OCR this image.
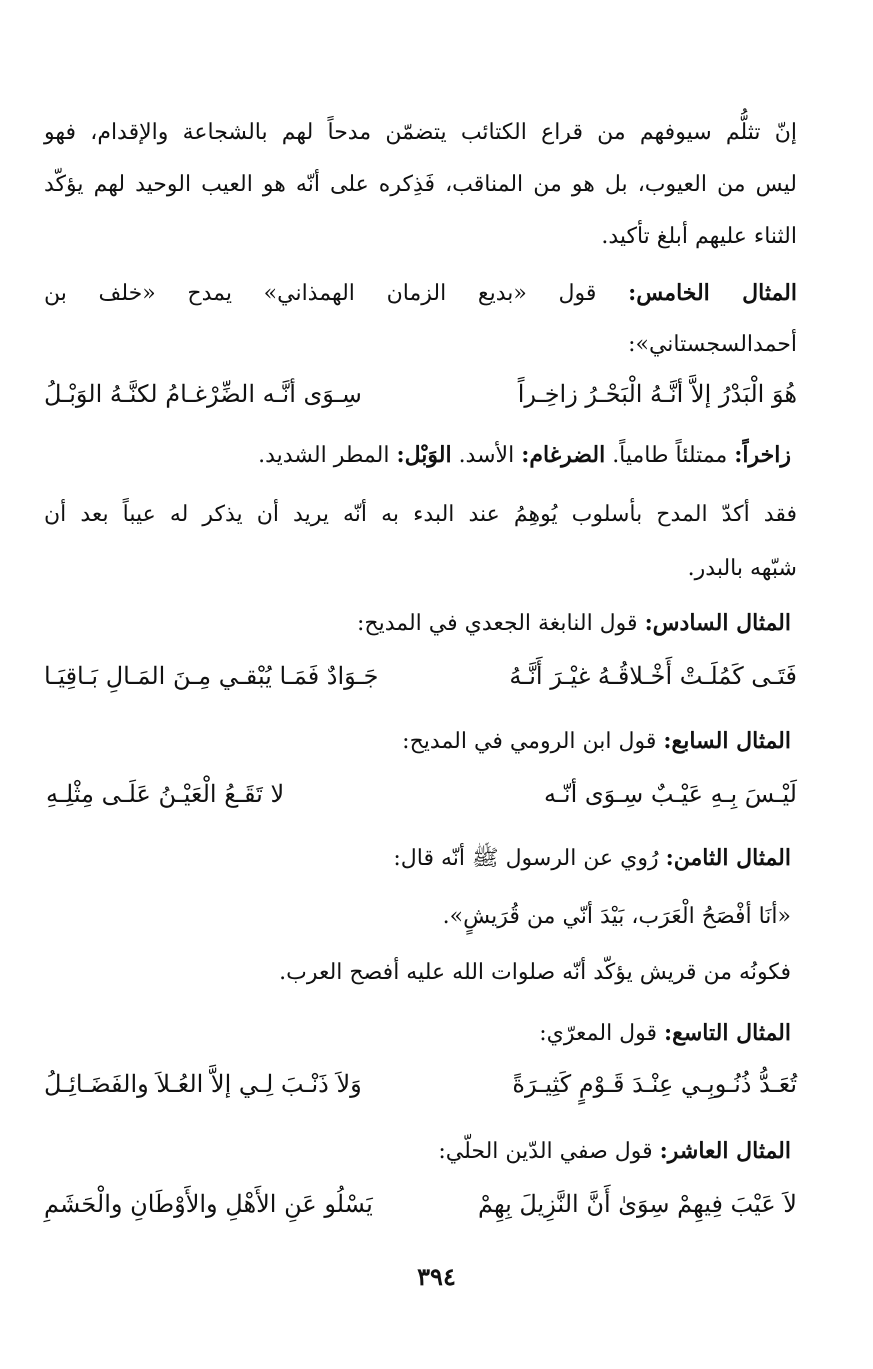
إنّ تثلُّم سيوفهم من قراع الكتائب يتضمّن مدحاً لهم بالشجاعة والإقدام، فهو
ليس من العيوب، بل هو من المناقب، فَذِكره على أنّه هو العيب الوحيد لهم يؤكّد
الثناء عليهم أبلغ تأكيد.
المثال الخامس: قول «بديع الزمان الهمذاني» يمدح «خلف بن
أحمدالسجستاني»:
هُوَ الْبَدْرُ إلاَّ أنَّـهُ الْبَحْـرُ زاخِـراً
سِـوَى أنَّـه الضِّرْغـامُ لكنَّـهُ الوَبْـلُ
زاخراً: ممتلئاً طامياً. الضرغام: الأسد. الوَبْل: المطر الشديد.
فقد أكدّ المدح بأسلوب يُوهِمُ عند البدء به أنّه يريد أن يذكر له عيباً بعد أن
شبّهه بالبدر.
المثال السادس: قول النابغة الجعدي في المديح:
فَتَـى كَمُلَـتْ أَخْـلاقُـهُ غيْـرَ أَنَّـهُ
جَـوَادٌ فَمَـا يُبْقـي مِـنَ المَـالِ بَـاقِيَـا
المثال السابع: قول ابن الرومي في المديح:
لَيْـسَ بِـهِ عَيْـبٌ سِـوَى أنّـه
لا تَقَـعُ الْعَيْـنُ عَلَـى مِثْلِـهِ
المثال الثامن: رُوي عن الرسول ﷺ أنّه قال:
«أنَا أفْصَحُ الْعَرَب، بَيْدَ أنّي من قُرَيشٍ».
فكونُه من قريش يؤكّد أنّه صلوات الله عليه أفصح العرب.
المثال التاسع: قول المعرّي:
تُعَـدُّ ذُنُـوبِـي عِنْـدَ قَـوْمٍ كَثِيـرَةً
وَلاَ ذَنْـبَ لِـي إلاَّ العُـلاَ والفَضَـائِـلُ
المثال العاشر: قول صفي الدّين الحلّي:
لاَ عَيْبَ فِيهِمْ سِوَىٰ أَنَّ النَّزِيلَ بِهِمْ
يَسْلُو عَنِ الأَهْلِ والأَوْطَانِ والْحَشَمِ
٣٩٤
